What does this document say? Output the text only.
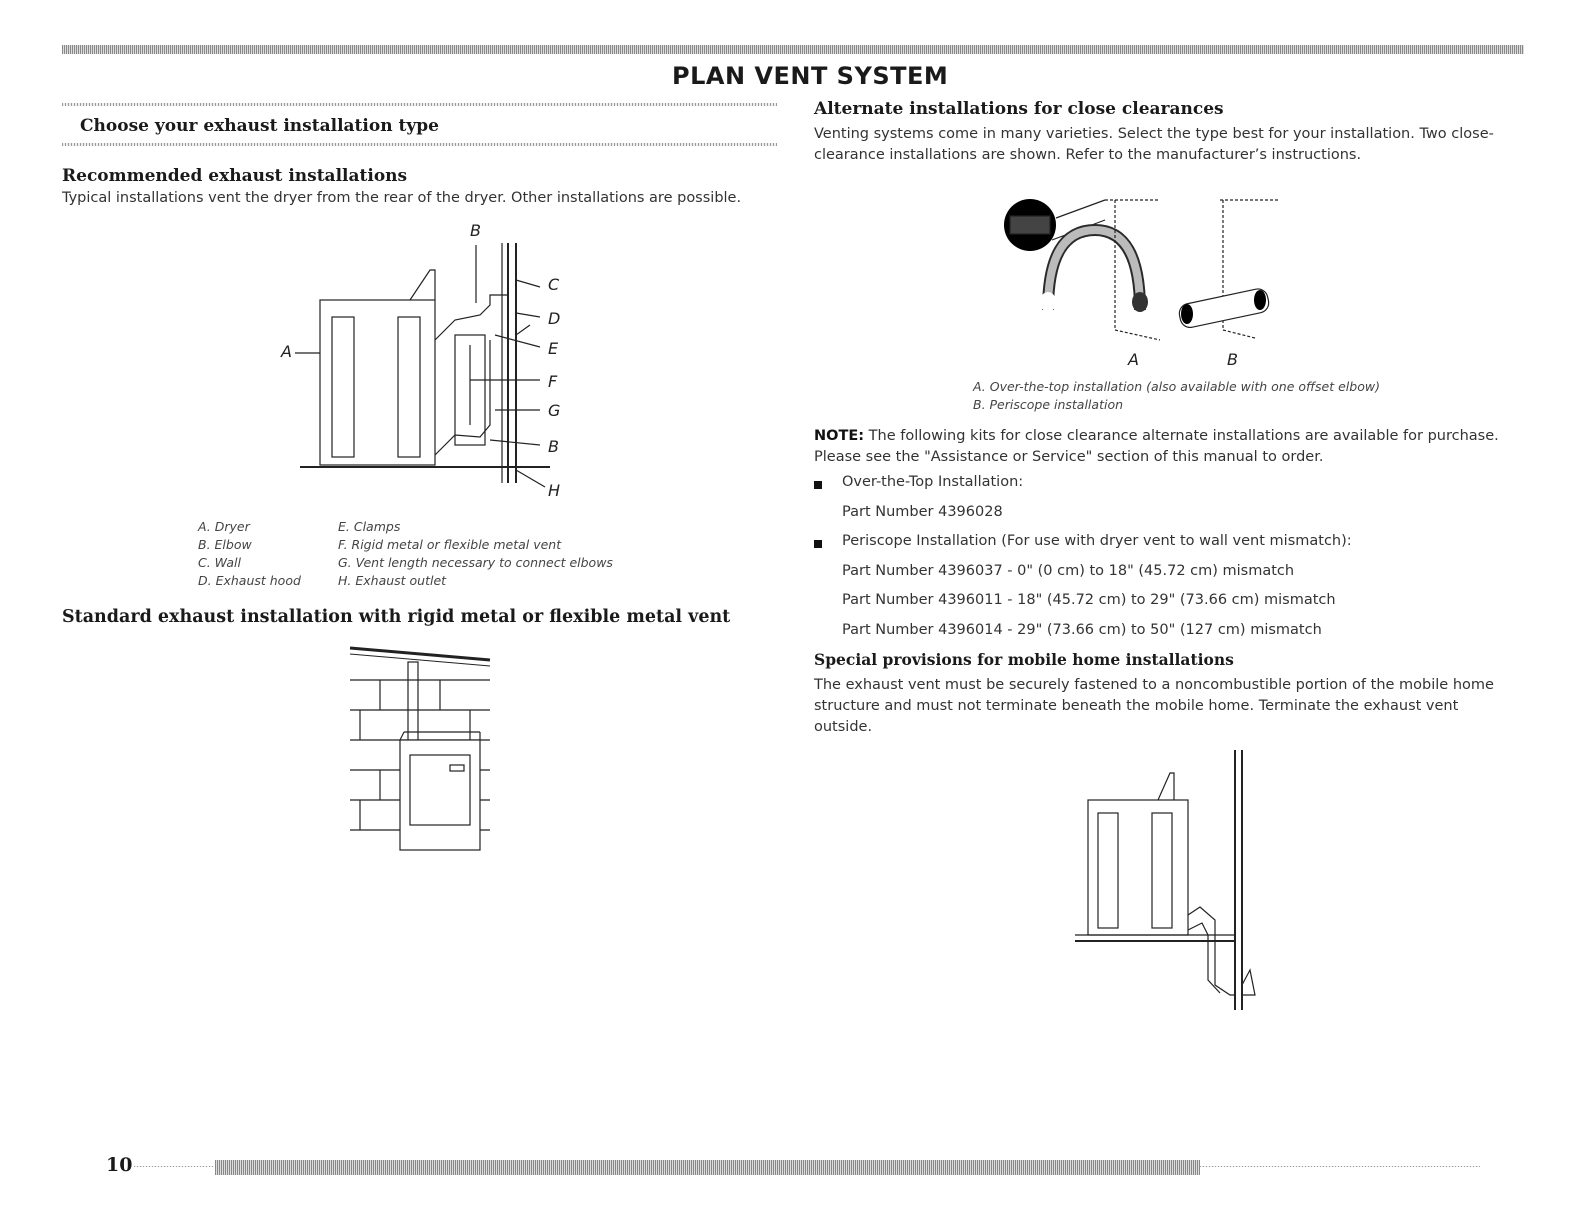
PLAN VENT SYSTEM
Choose your exhaust installation type
Recommended exhaust installations
Typical installations vent the dryer from the rear of the dryer. Other installations are possible.
A
B
C
D
E
F
G
B
H
A. Dryer
B. Elbow
C. Wall
D. Exhaust hood
E. Clamps
F. Rigid metal or flexible metal vent
G. Vent length necessary to connect elbows
H. Exhaust outlet
Standard exhaust installation with rigid metal or flexible metal vent
Alternate installations for close clearances
Venting systems come in many varieties. Select the type best for your installation. Two close-
clearance installations are shown. Refer to the manufacturer’s instructions.
A	B
A. Over-the-top installation (also available with one offset elbow)
B. Periscope installation
NOTE: The following kits for close clearance alternate installations are available for purchase.
Please see the "Assistance or Service" section of this manual to order.
Over-the-Top Installation:
Part Number 4396028
Periscope Installation (For use with dryer vent to wall vent mismatch):
Part Number 4396037 - 0" (0 cm) to 18" (45.72 cm) mismatch
Part Number 4396011 - 18" (45.72 cm) to 29" (73.66 cm) mismatch
Part Number 4396014 - 29" (73.66 cm) to 50" (127 cm) mismatch
Special provisions for mobile home installations
The exhaust vent must be securely fastened to a noncombustible portion of the mobile home
structure and must not terminate beneath the mobile home. Terminate the exhaust vent
outside.
10
